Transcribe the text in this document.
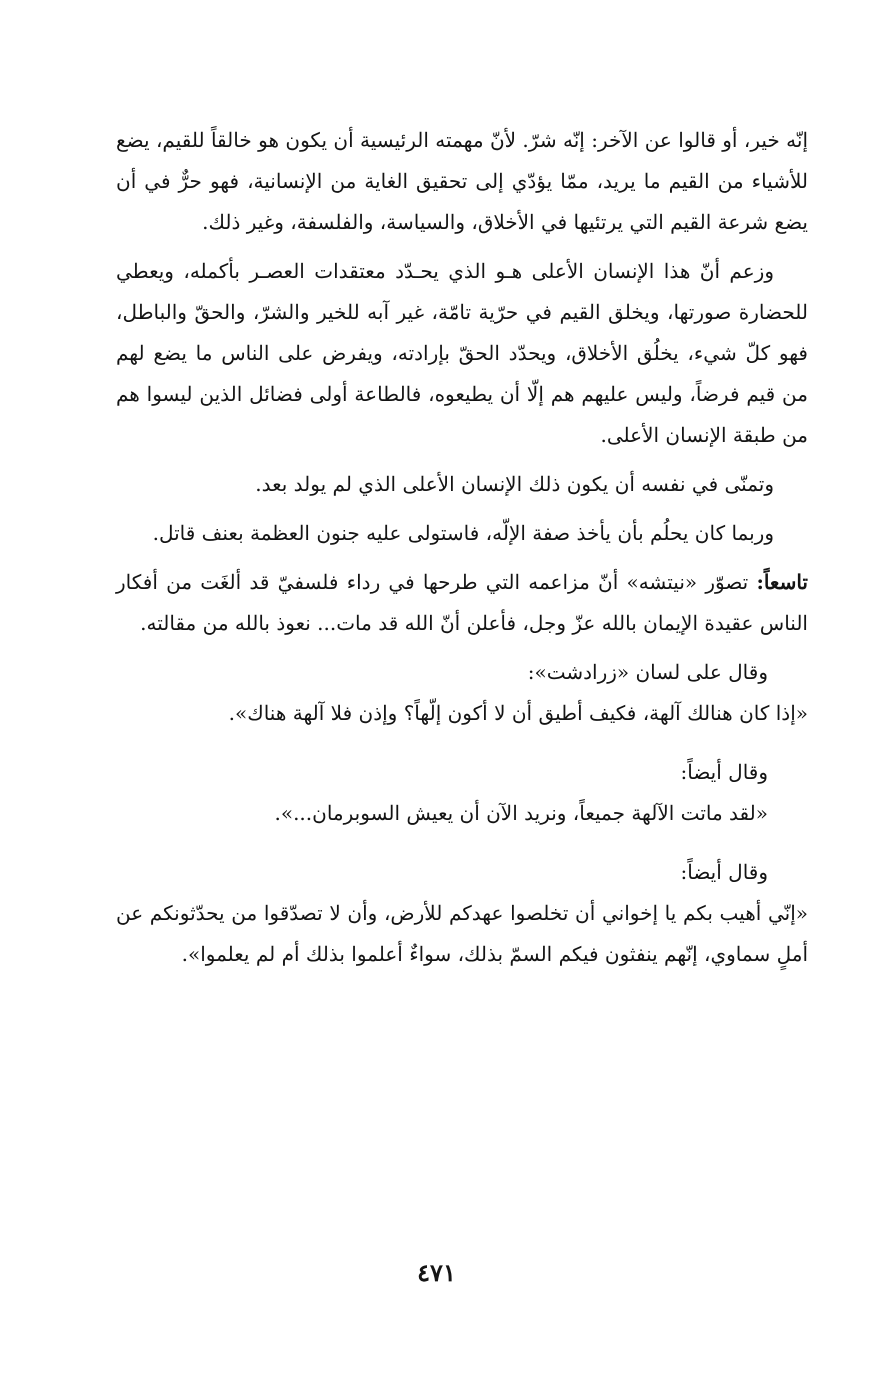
إنّه خير، أو قالوا عن الآخر: إنّه شرّ. لأنّ مهمته الرئيسية أن يكون هو خالقاً للقيم، يضع للأشياء من القيم ما يريد، ممّا يؤدّي إلى تحقيق الغاية من الإنسانية، فهو حرٌّ في أن يضع شرعة القيم التي يرتئيها في الأخلاق، والسياسة، والفلسفة، وغير ذلك.

وزعم أنّ هذا الإنسان الأعلى هـو الذي يحـدّد معتقدات العصـر بأكمله، ويعطي للحضارة صورتها، ويخلق القيم في حرّية تامّة، غير آبه للخير والشرّ، والحقّ والباطل، فهو كلّ شيء، يخلُق الأخلاق، ويحدّد الحقّ بإرادته، ويفرض على الناس ما يضع لهم من قيم فرضاً، وليس عليهم هم إلّا أن يطيعوه، فالطاعة أولى فضائل الذين ليسوا هم من طبقة الإنسان الأعلى.

وتمنّى في نفسه أن يكون ذلك الإنسان الأعلى الذي لم يولد بعد.

وربما كان يحلُم بأن يأخذ صفة الإلّه، فاستولى عليه جنون العظمة بعنف قاتل.

تاسعاً: تصوّر «نيتشه» أنّ مزاعمه التي طرحها في رداء فلسفيّ قد ألغَت من أفكار الناس عقيدة الإيمان بالله عزّ وجل، فأعلن أنّ الله قد مات... نعوذ بالله من مقالته.

وقال على لسان «زرادشت»:

«إذا كان هنالك آلهة، فكيف أطيق أن لا أكون إلّهاً؟ وإذن فلا آلهة هناك».

وقال أيضاً:

«لقد ماتت الآلهة جميعاً، ونريد الآن أن يعيش السوبرمان...».

وقال أيضاً:

«إنّي أهيب بكم يا إخواني أن تخلصوا عهدكم للأرض، وأن لا تصدّقوا من يحدّثونكم عن أملٍ سماوي، إنّهم ينفثون فيكم السمّ بذلك، سواءٌ أعلموا بذلك أم لم يعلموا».

٤٧١
